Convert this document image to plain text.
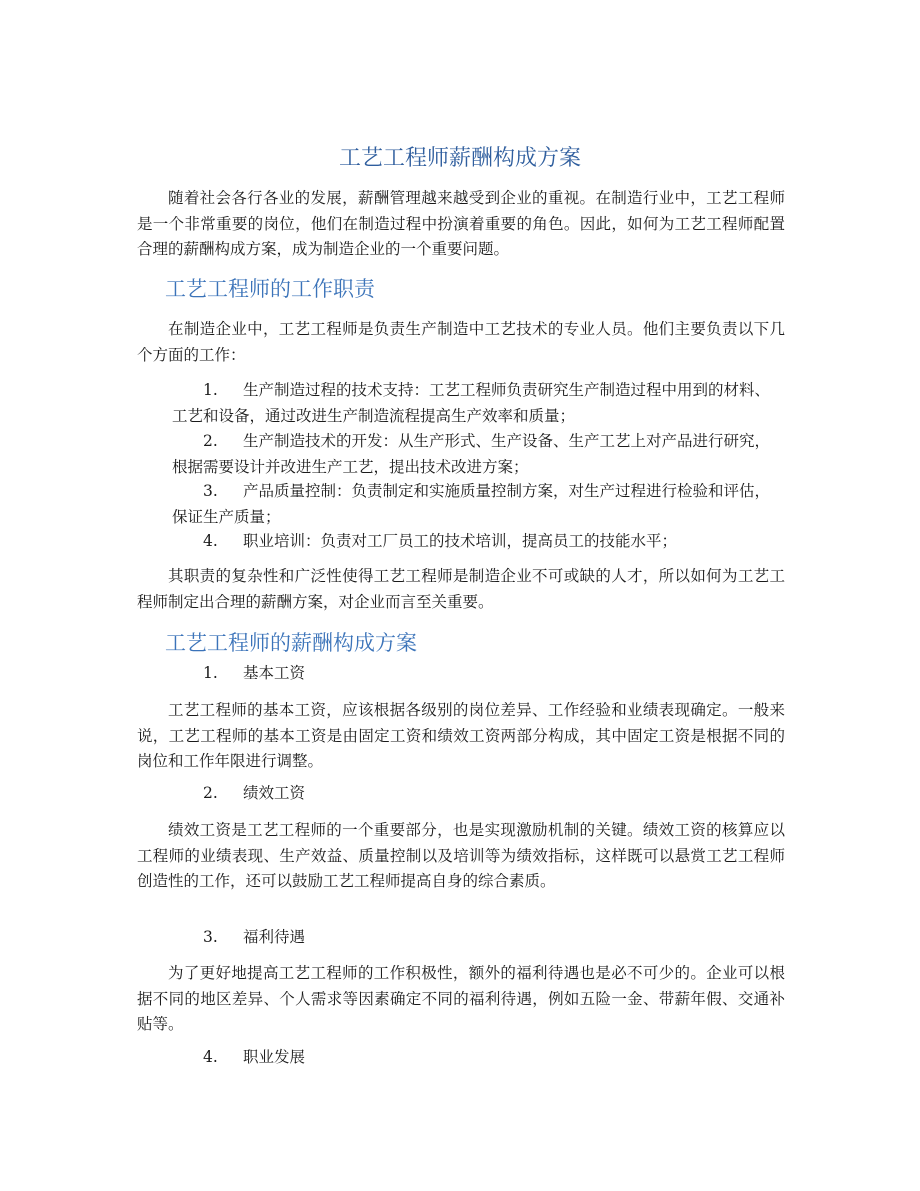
工艺工程师薪酬构成方案

随着社会各行各业的发展，薪酬管理越来越受到企业的重视。在制造行业中，工艺工程师是一个非常重要的岗位，他们在制造过程中扮演着重要的角色。因此，如何为工艺工程师配置合理的薪酬构成方案，成为制造企业的一个重要问题。

工艺工程师的工作职责

在制造企业中，工艺工程师是负责生产制造中工艺技术的专业人员。他们主要负责以下几个方面的工作：

1. 生产制造过程的技术支持：工艺工程师负责研究生产制造过程中用到的材料、工艺和设备，通过改进生产制造流程提高生产效率和质量；
2. 生产制造技术的开发：从生产形式、生产设备、生产工艺上对产品进行研究，根据需要设计并改进生产工艺，提出技术改进方案；
3. 产品质量控制：负责制定和实施质量控制方案，对生产过程进行检验和评估，保证生产质量；
4. 职业培训：负责对工厂员工的技术培训，提高员工的技能水平；

其职责的复杂性和广泛性使得工艺工程师是制造企业不可或缺的人才，所以如何为工艺工程师制定出合理的薪酬方案，对企业而言至关重要。

工艺工程师的薪酬构成方案
1. 基本工资

工艺工程师的基本工资，应该根据各级别的岗位差异、工作经验和业绩表现确定。一般来说，工艺工程师的基本工资是由固定工资和绩效工资两部分构成，其中固定工资是根据不同的岗位和工作年限进行调整。

2. 绩效工资

绩效工资是工艺工程师的一个重要部分，也是实现激励机制的关键。绩效工资的核算应以工程师的业绩表现、生产效益、质量控制以及培训等为绩效指标，这样既可以悬赏工艺工程师创造性的工作，还可以鼓励工艺工程师提高自身的综合素质。

3. 福利待遇

为了更好地提高工艺工程师的工作积极性，额外的福利待遇也是必不可少的。企业可以根据不同的地区差异、个人需求等因素确定不同的福利待遇，例如五险一金、带薪年假、交通补贴等。

4. 职业发展
